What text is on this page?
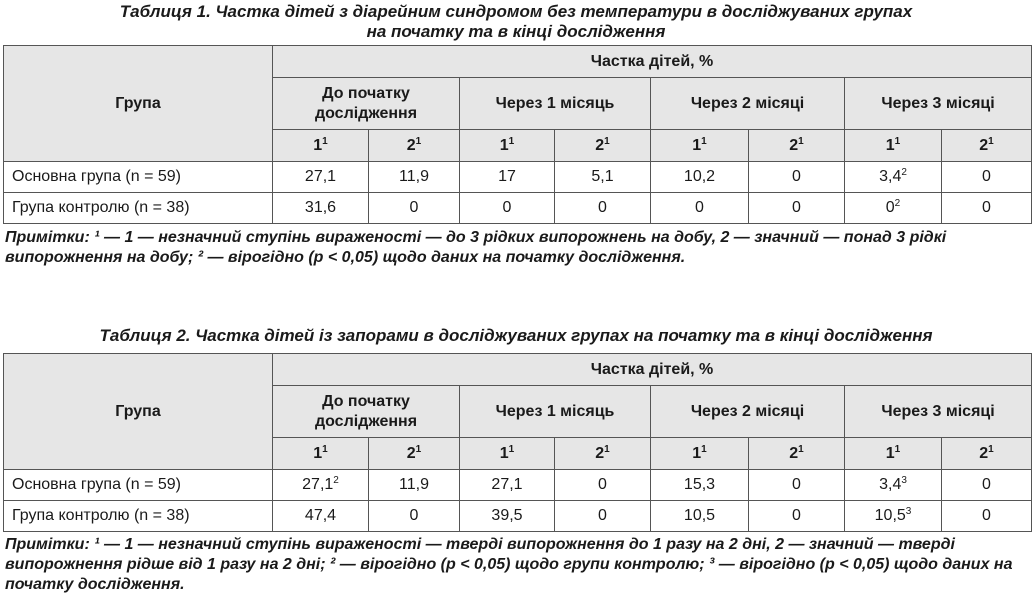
Таблиця 1. Частка дітей з діарейним синдромом без температури в досліджуваних групах
на початку та в кінці дослідження

Група	Частка дітей, %							
	До початку дослідження		Через 1 місяць		Через 2 місяці		Через 3 місяці	
	$1^1$	$2^1$	$1^1$	$2^1$	$1^1$	$2^1$	$1^1$	$2^1$
Основна група (n = 59)	27,1	11,9	17	5,1	10,2	0	$3,4^2$	0
Група контролю (n = 38)	31,6	0	0	0	0	0	$0^2$	0

Примітки: ¹ — 1 — незначний ступінь вираженості — до 3 рідких випорожнень на добу, 2 — значний — понад 3 рідкі випорожнення на добу; ² — вірогідно (р < 0,05) щодо даних на початку дослідження.

Таблиця 2. Частка дітей із запорами в досліджуваних групах на початку та в кінці дослідження

Група	Частка дітей, %							
	До початку дослідження		Через 1 місяць		Через 2 місяці		Через 3 місяці	
	$1^1$	$2^1$	$1^1$	$2^1$	$1^1$	$2^1$	$1^1$	$2^1$
Основна група (n = 59)	27,1$^2$	11,9	27,1	0	15,3	0	$3,4^3$	0
Група контролю (n = 38)	47,4	0	39,5	0	10,5	0	10,5$^3$	0

Примітки: ¹ — 1 — незначний ступінь вираженості — тверді випорожнення до 1 разу на 2 дні, 2 — значний — тверді випорожнення рідше від 1 разу на 2 дні; ² — вірогідно (р < 0,05) щодо групи контролю; ³ — вірогідно (р < 0,05) щодо даних на початку дослідження.
